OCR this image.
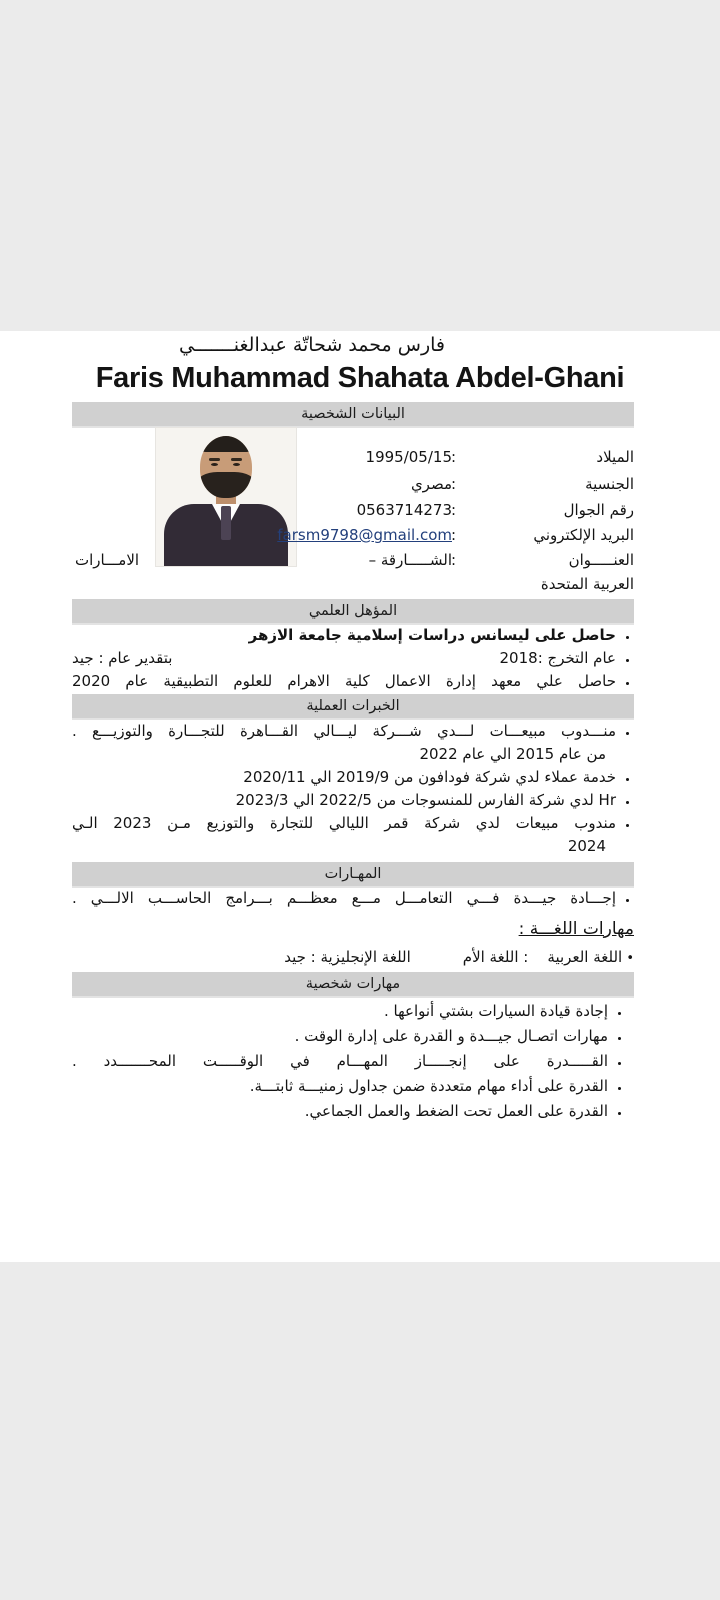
فارس محمد شحاتّة عبدالغنـــــــي
Faris Muhammad Shahata Abdel-Ghani
البيانات الشخصية
الميلاد
:
1995/05/15
الجنسية
:
مصري
رقم الجوال
:
0563714273
البريد الإلكتروني
:
farsm9798@gmail.com
العنـــــوان
:
الشـــــارقة –
الامـــارات
العربية المتحدة
المؤهل العلمي
• حاصل على ليسانس دراسات إسلامية جامعة الازهر
• عام التخرج :2018
بتقدير عام : جيد
• حاصل علي معهد إدارة الاعمال كلية الاهرام للعلوم التطبيقية عام 2020
الخبرات العملية
• منـــدوب مبيعـــات لـــدي شـــركة ليـــالي القـــاهرة للتجـــارة والتوزيـــع .
من عام 2015 الي عام 2022
• خدمة عملاء لدي شركة فودافون من 2019/9 الي 2020/11
• Hr لدي شركة الفارس للمنسوجات من 2022/5 الي 2023/3
• مندوب مبيعات لدي شركة قمر الليالي للتجارة والتوزيع مـن 2023 الـي
2024
المهـارات
• إجـــادة جيـــدة فـــي التعامـــل مـــع معظـــم بـــرامج الحاســـب الالـــي .
مهارات اللغـــة :
• اللغة العربية    : اللغة الأم
اللغة الإنجليزية : جيد
مهارات شخصية
• إجادة قيادة السيارات بشتي أنواعها .
• مهارات اتصـال جيـــدة و القدرة على إدارة الوقت .
• القـــــدرة على إنجـــــاز المهـــام في الوقـــــت المحـــــــدد .
• القدرة على أداء مهام متعددة ضمن جداول زمنيـــة ثابتـــة.
• القدرة على العمل تحت الضغط والعمل الجماعي.
